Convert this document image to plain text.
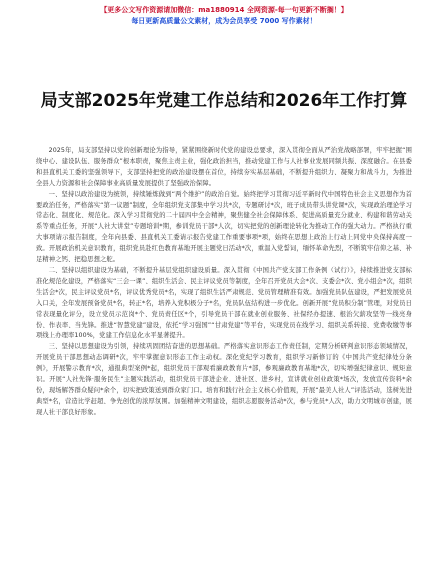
【更多公文写作资源请加微信：ma1880914 全网资源-每一句更新不断搁！】
每日更新高质量公文素材，成为会员享受 7000 写作素材！
局支部2025年党建工作总结和2026年工作打算

2025年，局支部坚持以党的创新理论为指导，紧紧围绕新时代党的建设总要求，深入贯彻全面从严治党战略部署，牢牢把握“围绕中心、建设队伍、服务群众”根本职责，聚焦主责主业，强化政治担当，推动党建工作与人社事业发展同频共振、深度融合。在县委和县直机关工委的坚强领导下，支部坚持把党的政治建设摆在首位，持续夯实基层基础，不断提升组织力、凝聚力和战斗力，为推进全县人力资源和社会保障事业高质量发展提供了坚强政治保障。

一、坚持以政治建设为统领，持续锤炼做到“两个维护”的政治自觉。始终把学习贯彻习近平新时代中国特色社会主义思想作为首要政治任务，严格落实“第一议题”制度，全年组织党支部集中学习共*次，专题研讨*次，班子成员带头讲党课*次，实现政治理论学习常态化、制度化、规范化。深入学习贯彻党的二十届四中全会精神，聚焦健全社会保障体系、促进高质量充分就业、构建和谐劳动关系等重点任务，开展“人社大讲堂”专题培训*期，参训党员干部*人次，切实把党的创新理论转化为推动工作的强大动力。严格执行重大事项请示报告制度，全年向县委、县直机关工委请示报告党建工作重要事项*项，始终在思想上政治上行动上同党中央保持高度一致。开展政治机关意识教育，组织党员赴红色教育基地开展主题党日活动*次，重温入党誓词，缅怀革命先烈，不断筑牢信仰之基、补足精神之钙、把稳思想之舵。

二、坚持以组织建设为基础，不断提升基层党组织建设质量。深入贯彻《中国共产党支部工作条例（试行）》，持续推进党支部标准化规范化建设，严格落实“三会一课”、组织生活会、民主评议党员等制度，全年召开党员大会*次、支委会*次、党小组会*次，组织生活会*次，民主评议党员*名，评议优秀党员*名，实现了组织生活严肃规范、党员管理精准有效。加强党员队伍建设，严把发展党员入口关，全年发展预备党员*名，转正*名，培养入党积极分子*名，党员队伍结构进一步优化。创新开展“党员积分制”管理，对党员日常表现量化评分，设立党员示范岗*个、党员责任区*个，引导党员干部在就业创业服务、社保经办提速、根治欠薪攻坚等一线亮身份、作表率、当先锋。推进“智慧党建”建设，依托“学习强国”“甘肃党建”等平台，实现党员在线学习、组织关系转接、党费收缴等事项线上办理率100%，党建工作信息化水平显著提升。

三、坚持以思想建设为引领，持续巩固团结奋进的思想基础。严格落实意识形态工作责任制，定期分析研判意识形态领域情况，开展党员干部思想动态调研*次，牢牢掌握意识形态工作主动权。深化党纪学习教育，组织学习新修订的《中国共产党纪律处分条例》，开展警示教育*次，通报典型案例*起，组织党员干部观看廉政教育片*部，参观廉政教育基地*次，切实增强纪律意识、规矩意识。开展“人社先锋·服务民生”主题实践活动，组织党员干部进企业、进社区、进乡村，宣讲就业创业政策*场次，发放宣传资料*余份，现场解答群众疑问*余个，切实把政策送到群众家门口。培育和践行社会主义核心价值观，开展“最美人社人”评选活动，选树先进典型*名，营造比学赶超、争先创优的浓厚氛围。加强精神文明建设，组织志愿服务活动*次，参与党员*人次，助力文明城市创建，展现人社干部良好形象。
